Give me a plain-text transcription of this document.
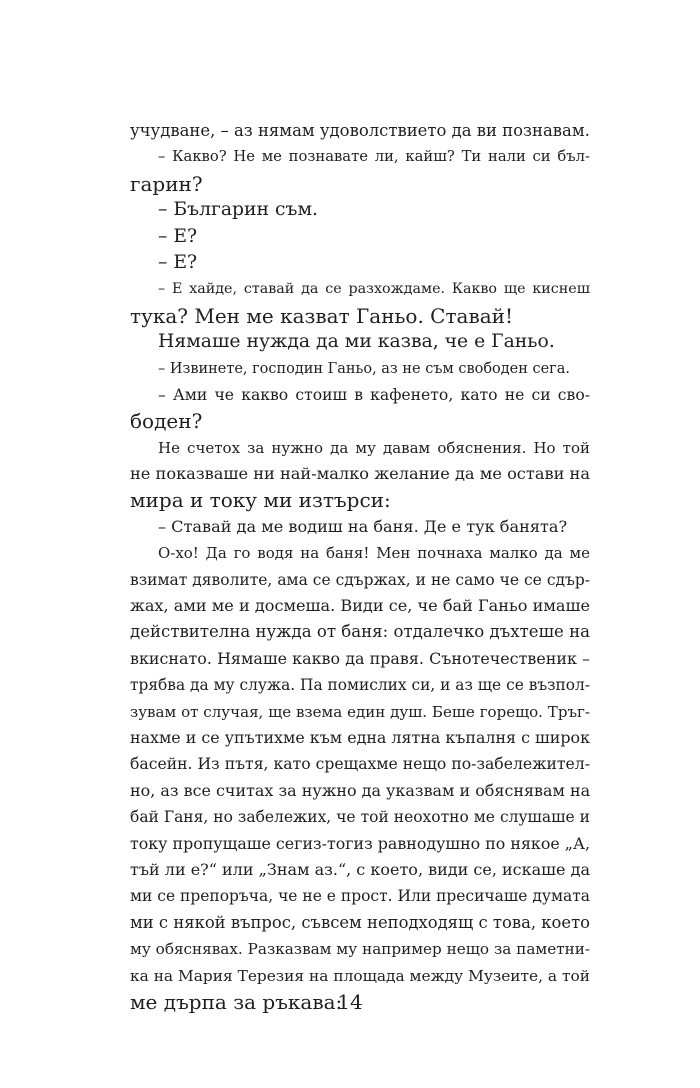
учудване, – аз нямам удоволствието да ви познавам.
– Какво? Не ме познавате ли, кайш? Ти нали си бъл-
гарин?
– Българин съм.
– Е?
– Е?
– Е хайде, ставай да се разхождаме. Какво ще киснеш
тука? Мен ме казват Ганьо. Ставай!
Нямаше нужда да ми казва, че е Ганьо.
– Извинете, господин Ганьо, аз не съм свободен сега.
– Ами че какво стоиш в кафенето, като не си сво-
боден?
Не счетох за нужно да му давам обяснения. Но той
не показваше ни най-малко желание да ме остави на
мира и току ми изтърси:
– Ставай да ме водиш на баня. Де е тук банята?
О-хо! Да го водя на баня! Мен почнаха малко да ме
взимат дяволите, ама се сдържах, и не само че се сдър-
жах, ами ме и досмеша. Види се, че бай Ганьо имаше
действителна нужда от баня: отдалечко дъхтеше на
вкиснато. Нямаше какво да правя. Сънотечественик –
трябва да му служа. Па помислих си, и аз ще се възпол-
зувам от случая, ще взема един душ. Беше горещо. Тръг-
нахме и се упътихме към една лятна къпалня с широк
басейн. Из пътя, като срещахме нещо по-забележител-
но, аз все считах за нужно да указвам и обяснявам на
бай Ганя, но забележих, че той неохотно ме слушаше и
току пропущаше сегиз-тогиз равнодушно по някое „А,
тъй ли е?“ или „Знам аз.“, с което, види се, искаше да
ми се препоръча, че не е прост. Или пресичаше думата
ми с някой въпрос, съвсем неподходящ с това, което
му обяснявах. Разказвам му например нещо за паметни-
ка на Мария Терезия на площада между Музеите, а той
ме дърпа за ръкава:
14
